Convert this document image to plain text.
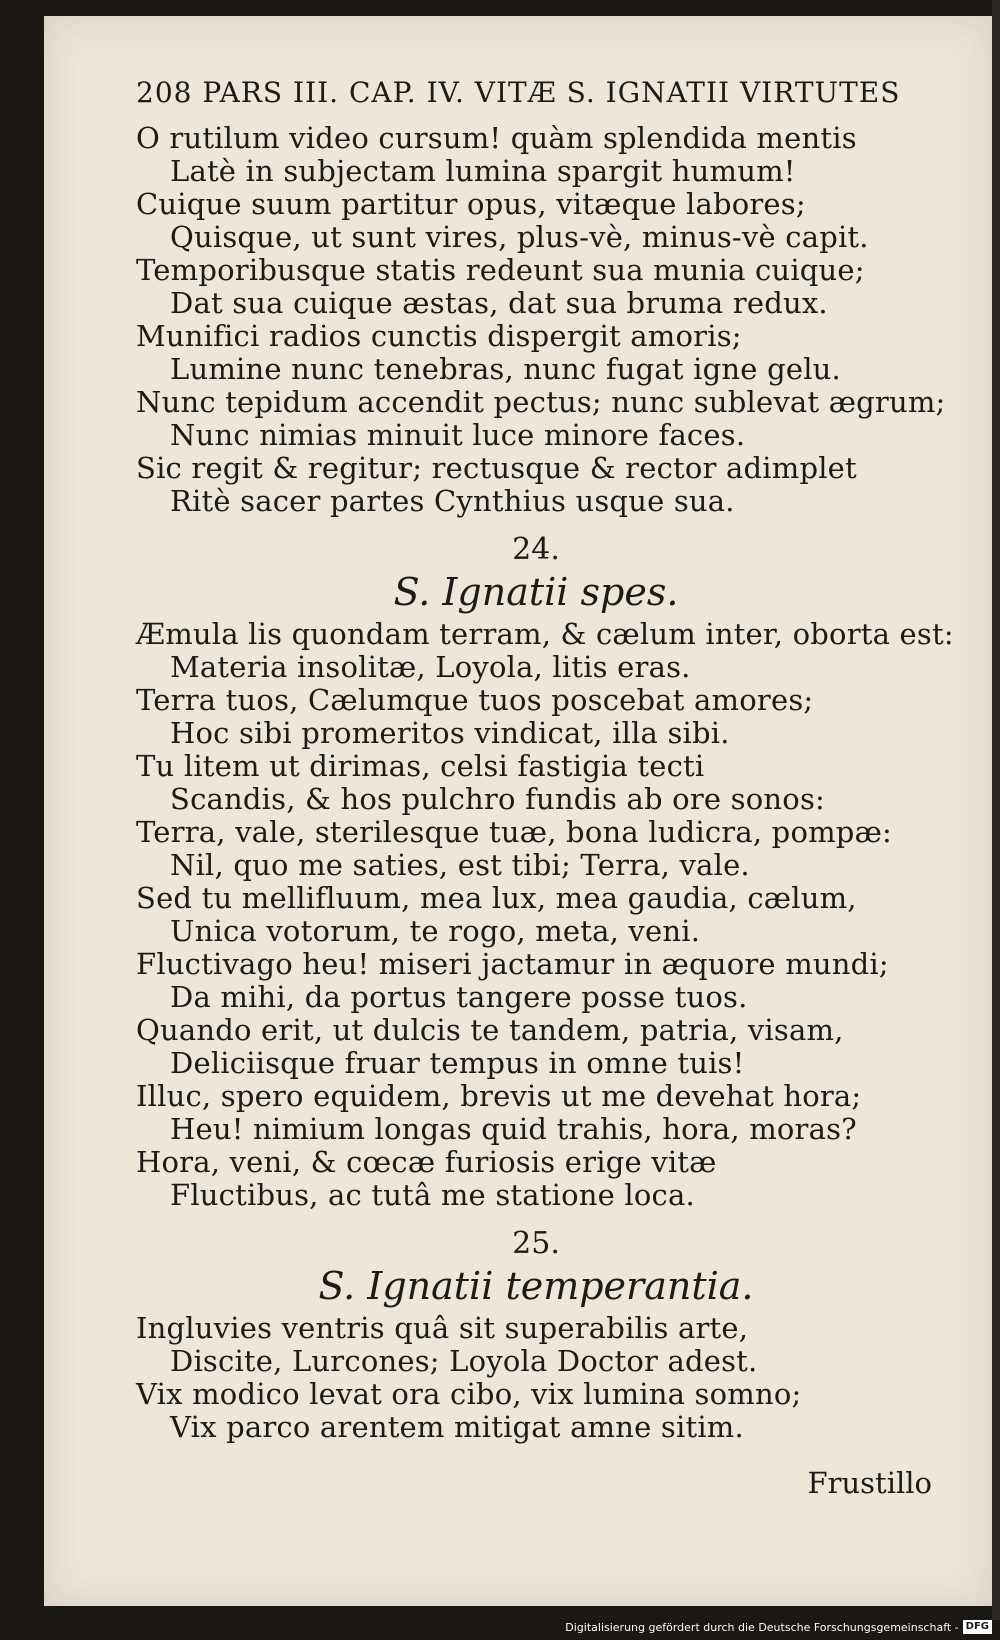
208 PARS III. CAP. IV. VITÆ S. IGNATII VIRTUTES
O rutilum video cursum! quàm splendida mentis
Latè in subjectam lumina spargit humum!
Cuique suum partitur opus, vitæque labores;
Quisque, ut sunt vires, plus-vè, minus-vè capit.
Temporibusque statis redeunt sua munia cuique;
Dat sua cuique æstas, dat sua bruma redux.
Munifici radios cunctis dispergit amoris;
Lumine nunc tenebras, nunc fugat igne gelu.
Nunc tepidum accendit pectus; nunc sublevat ægrum;
Nunc nimias minuit luce minore faces.
Sic regit & regitur; rectusque & rector adimplet
Ritè sacer partes Cynthius usque sua.
24.
S. Ignatii spes.
Æmula lis quondam terram, & cælum inter, oborta est:
Materia insolitæ, Loyola, litis eras.
Terra tuos, Cælumque tuos poscebat amores;
Hoc sibi promeritos vindicat, illa sibi.
Tu litem ut dirimas, celsi fastigia tecti
Scandis, & hos pulchro fundis ab ore sonos:
Terra, vale, sterilesque tuæ, bona ludicra, pompæ:
Nil, quo me saties, est tibi; Terra, vale.
Sed tu mellifluum, mea lux, mea gaudia, cælum,
Unica votorum, te rogo, meta, veni.
Fluctivago heu! miseri jactamur in æquore mundi;
Da mihi, da portus tangere posse tuos.
Quando erit, ut dulcis te tandem, patria, visam,
Deliciisque fruar tempus in omne tuis!
Illuc, spero equidem, brevis ut me devehat hora;
Heu! nimium longas quid trahis, hora, moras?
Hora, veni, & cœcæ furiosis erige vitæ
Fluctibus, ac tutâ me statione loca.
25.
S. Ignatii temperantia.
Ingluvies ventris quâ sit superabilis arte,
Discite, Lurcones; Loyola Doctor adest.
Vix modico levat ora cibo, vix lumina somno;
Vix parco arentem mitigat amne sitim.
Frustillo
Digitalisierung gefördert durch die Deutsche Forschungsgemeinschaft - DFG
